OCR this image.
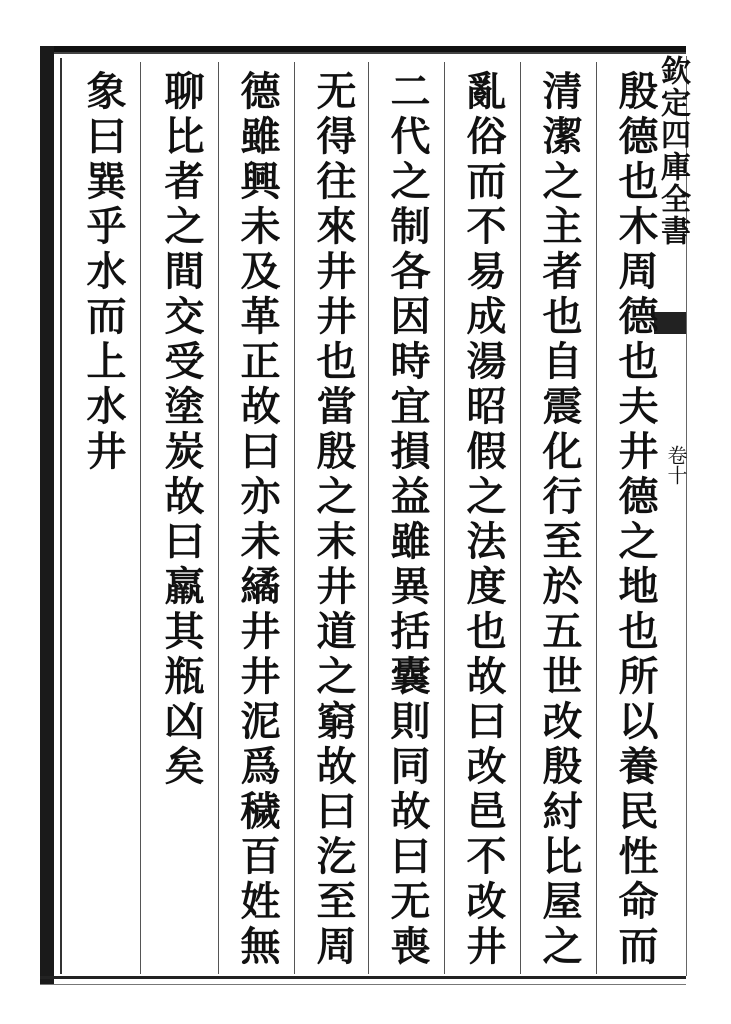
欽定四庫全書
卷十
殷德也木周德也夫井德之地也所以養民性命而
清潔之主者也自震化行至於五世改殷紂比屋之
亂俗而不易成湯昭假之法度也故曰改邑不改井
二代之制各因時宜損益雖異括囊則同故曰无喪
无得往來井井也當殷之末井道之窮故曰汔至周
德雖興未及革正故曰亦未繘井井泥爲穢百姓無
聊比者之間交受塗炭故曰羸其瓶凶矣
象曰巽乎水而上水井
